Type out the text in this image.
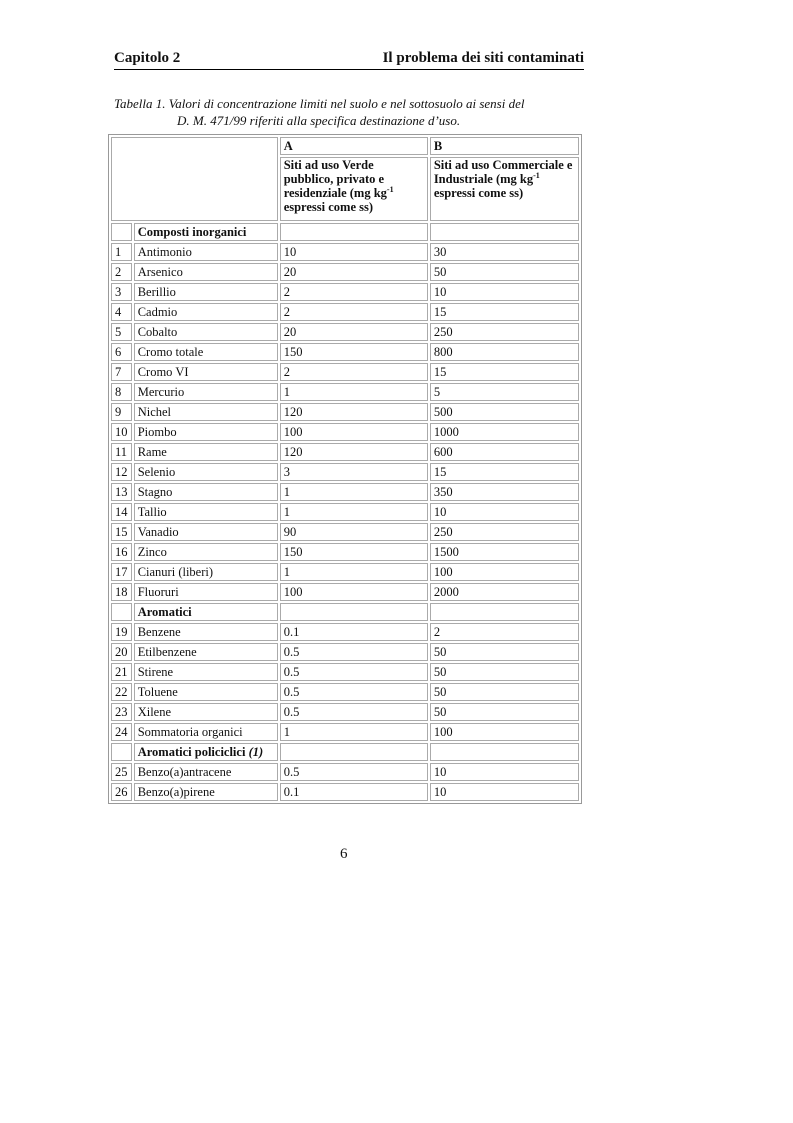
Capitolo 2	Il problema dei siti contaminati
Tabella 1. Valori di concentrazione limiti nel suolo e nel sottosuolo ai sensi del
D. M. 471/99 riferiti alla specifica destinazione d’uso.
		A	B
		Siti ad uso Verde pubblico, privato e residenziale (mg $kg^{-1}$ espressi come ss)	Siti ad uso Commerciale e Industriale (mg $kg^{-1}$ espressi come ss)
	Composti inorganici		
1	Antimonio	10	30
2	Arsenico	20	50
3	Berillio	2	10
4	Cadmio	2	15
5	Cobalto	20	250
6	Cromo totale	150	800
7	Cromo VI	2	15
8	Mercurio	1	5
9	Nichel	120	500
10	Piombo	100	1000
11	Rame	120	600
12	Selenio	3	15
13	Stagno	1	350
14	Tallio	1	10
15	Vanadio	90	250
16	Zinco	150	1500
17	Cianuri (liberi)	1	100
18	Fluoruri	100	2000
	Aromatici		
19	Benzene	0.1	2
20	Etilbenzene	0.5	50
21	Stirene	0.5	50
22	Toluene	0.5	50
23	Xilene	0.5	50
24	Sommatoria organici	1	100
	Aromatici policiclici (1)		
25	Benzo(a)antracene	0.5	10
26	Benzo(a)pirene	0.1	10
6
